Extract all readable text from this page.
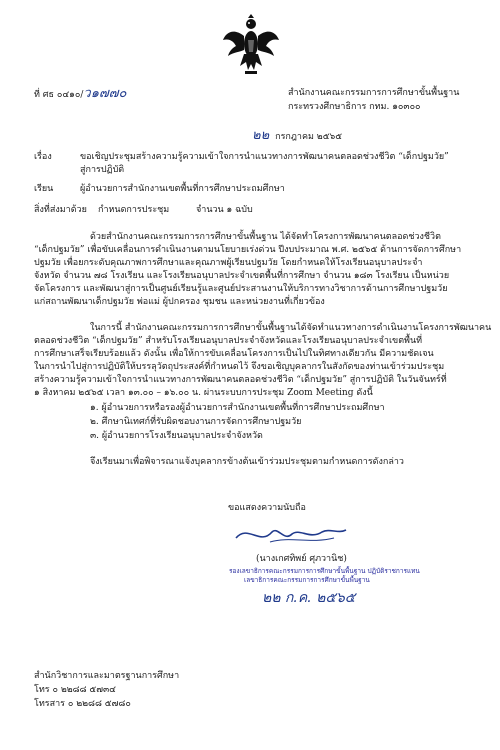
ที่ ศธ ๐๔๑๐/ว๑๗๗๐	สำนักงานคณะกรรมการการศึกษาขั้นพื้นฐาน
กระทรวงศึกษาธิการ กทม. ๑๐๓๐๐
๒๒ กรกฎาคม ๒๕๖๕
เรื่อง	ขอเชิญประชุมสร้างความรู้ความเข้าใจการนำแนวทางการพัฒนาคนตลอดช่วงชีวิต “เด็กปฐมวัย”
สู่การปฏิบัติ
เรียน	ผู้อำนวยการสำนักงานเขตพื้นที่การศึกษาประถมศึกษา
สิ่งที่ส่งมาด้วย กำหนดการประชุม	จำนวน ๑ ฉบับ
ด้วยสำนักงานคณะกรรมการการศึกษาขั้นพื้นฐาน ได้จัดทำโครงการพัฒนาคนตลอดช่วงชีวิต
“เด็กปฐมวัย” เพื่อขับเคลื่อนการดำเนินงานตามนโยบายเร่งด่วน ปีงบประมาณ พ.ศ. ๒๕๖๕ ด้านการจัดการศึกษา
ปฐมวัย เพื่อยกระดับคุณภาพการศึกษาและคุณภาพผู้เรียนปฐมวัย โดยกำหนดให้โรงเรียนอนุบาลประจำ
จังหวัด จำนวน ๗๘ โรงเรียน และโรงเรียนอนุบาลประจำเขตพื้นที่การศึกษา จำนวน ๑๘๓ โรงเรียน เป็นหน่วย
จัดโครงการ และพัฒนาสู่การเป็นศูนย์เรียนรู้และศูนย์ประสานงานให้บริการทางวิชาการด้านการศึกษาปฐมวัย
แก่สถานพัฒนาเด็กปฐมวัย พ่อแม่ ผู้ปกครอง ชุมชน และหน่วยงานที่เกี่ยวข้อง
ในการนี้ สำนักงานคณะกรรมการการศึกษาขั้นพื้นฐานได้จัดทำแนวทางการดำเนินงานโครงการพัฒนาคน
ตลอดช่วงชีวิต “เด็กปฐมวัย” สำหรับโรงเรียนอนุบาลประจำจังหวัดและโรงเรียนอนุบาลประจำเขตพื้นที่
การศึกษาเสร็จเรียบร้อยแล้ว ดังนั้น เพื่อให้การขับเคลื่อนโครงการเป็นไปในทิศทางเดียวกัน มีความชัดเจน
ในการนำไปสู่การปฏิบัติให้บรรลุวัตถุประสงค์ที่กำหนดไว้ จึงขอเชิญบุคลากรในสังกัดของท่านเข้าร่วมประชุม
สร้างความรู้ความเข้าใจการนำแนวทางการพัฒนาคนตลอดช่วงชีวิต “เด็กปฐมวัย” สู่การปฏิบัติ ในวันจันทร์ที่
๑ สิงหาคม ๒๕๖๕ เวลา ๑๓.๐๐ – ๑๖.๐๐ น. ผ่านระบบการประชุม Zoom Meeting ดังนี้
๑. ผู้อำนวยการหรือรองผู้อำนวยการสำนักงานเขตพื้นที่การศึกษาประถมศึกษา
๒. ศึกษานิเทศก์ที่รับผิดชอบงานการจัดการศึกษาปฐมวัย
๓. ผู้อำนวยการโรงเรียนอนุบาลประจำจังหวัด
จึงเรียนมาเพื่อพิจารณาแจ้งบุคลากรข้างต้นเข้าร่วมประชุมตามกำหนดการดังกล่าว
ขอแสดงความนับถือ
(นางเกศทิพย์ ศุภวานิช)
รองเลขาธิการคณะกรรมการการศึกษาขั้นพื้นฐาน ปฏิบัติราชการแทน
เลขาธิการคณะกรรมการการศึกษาขั้นพื้นฐาน
๒๒ ก.ค. ๒๕๖๕
สำนักวิชาการและมาตรฐานการศึกษา
โทร ๐ ๒๒๘๘ ๕๗๓๔
โทรสาร ๐ ๒๒๘๘ ๕๗๘๐
